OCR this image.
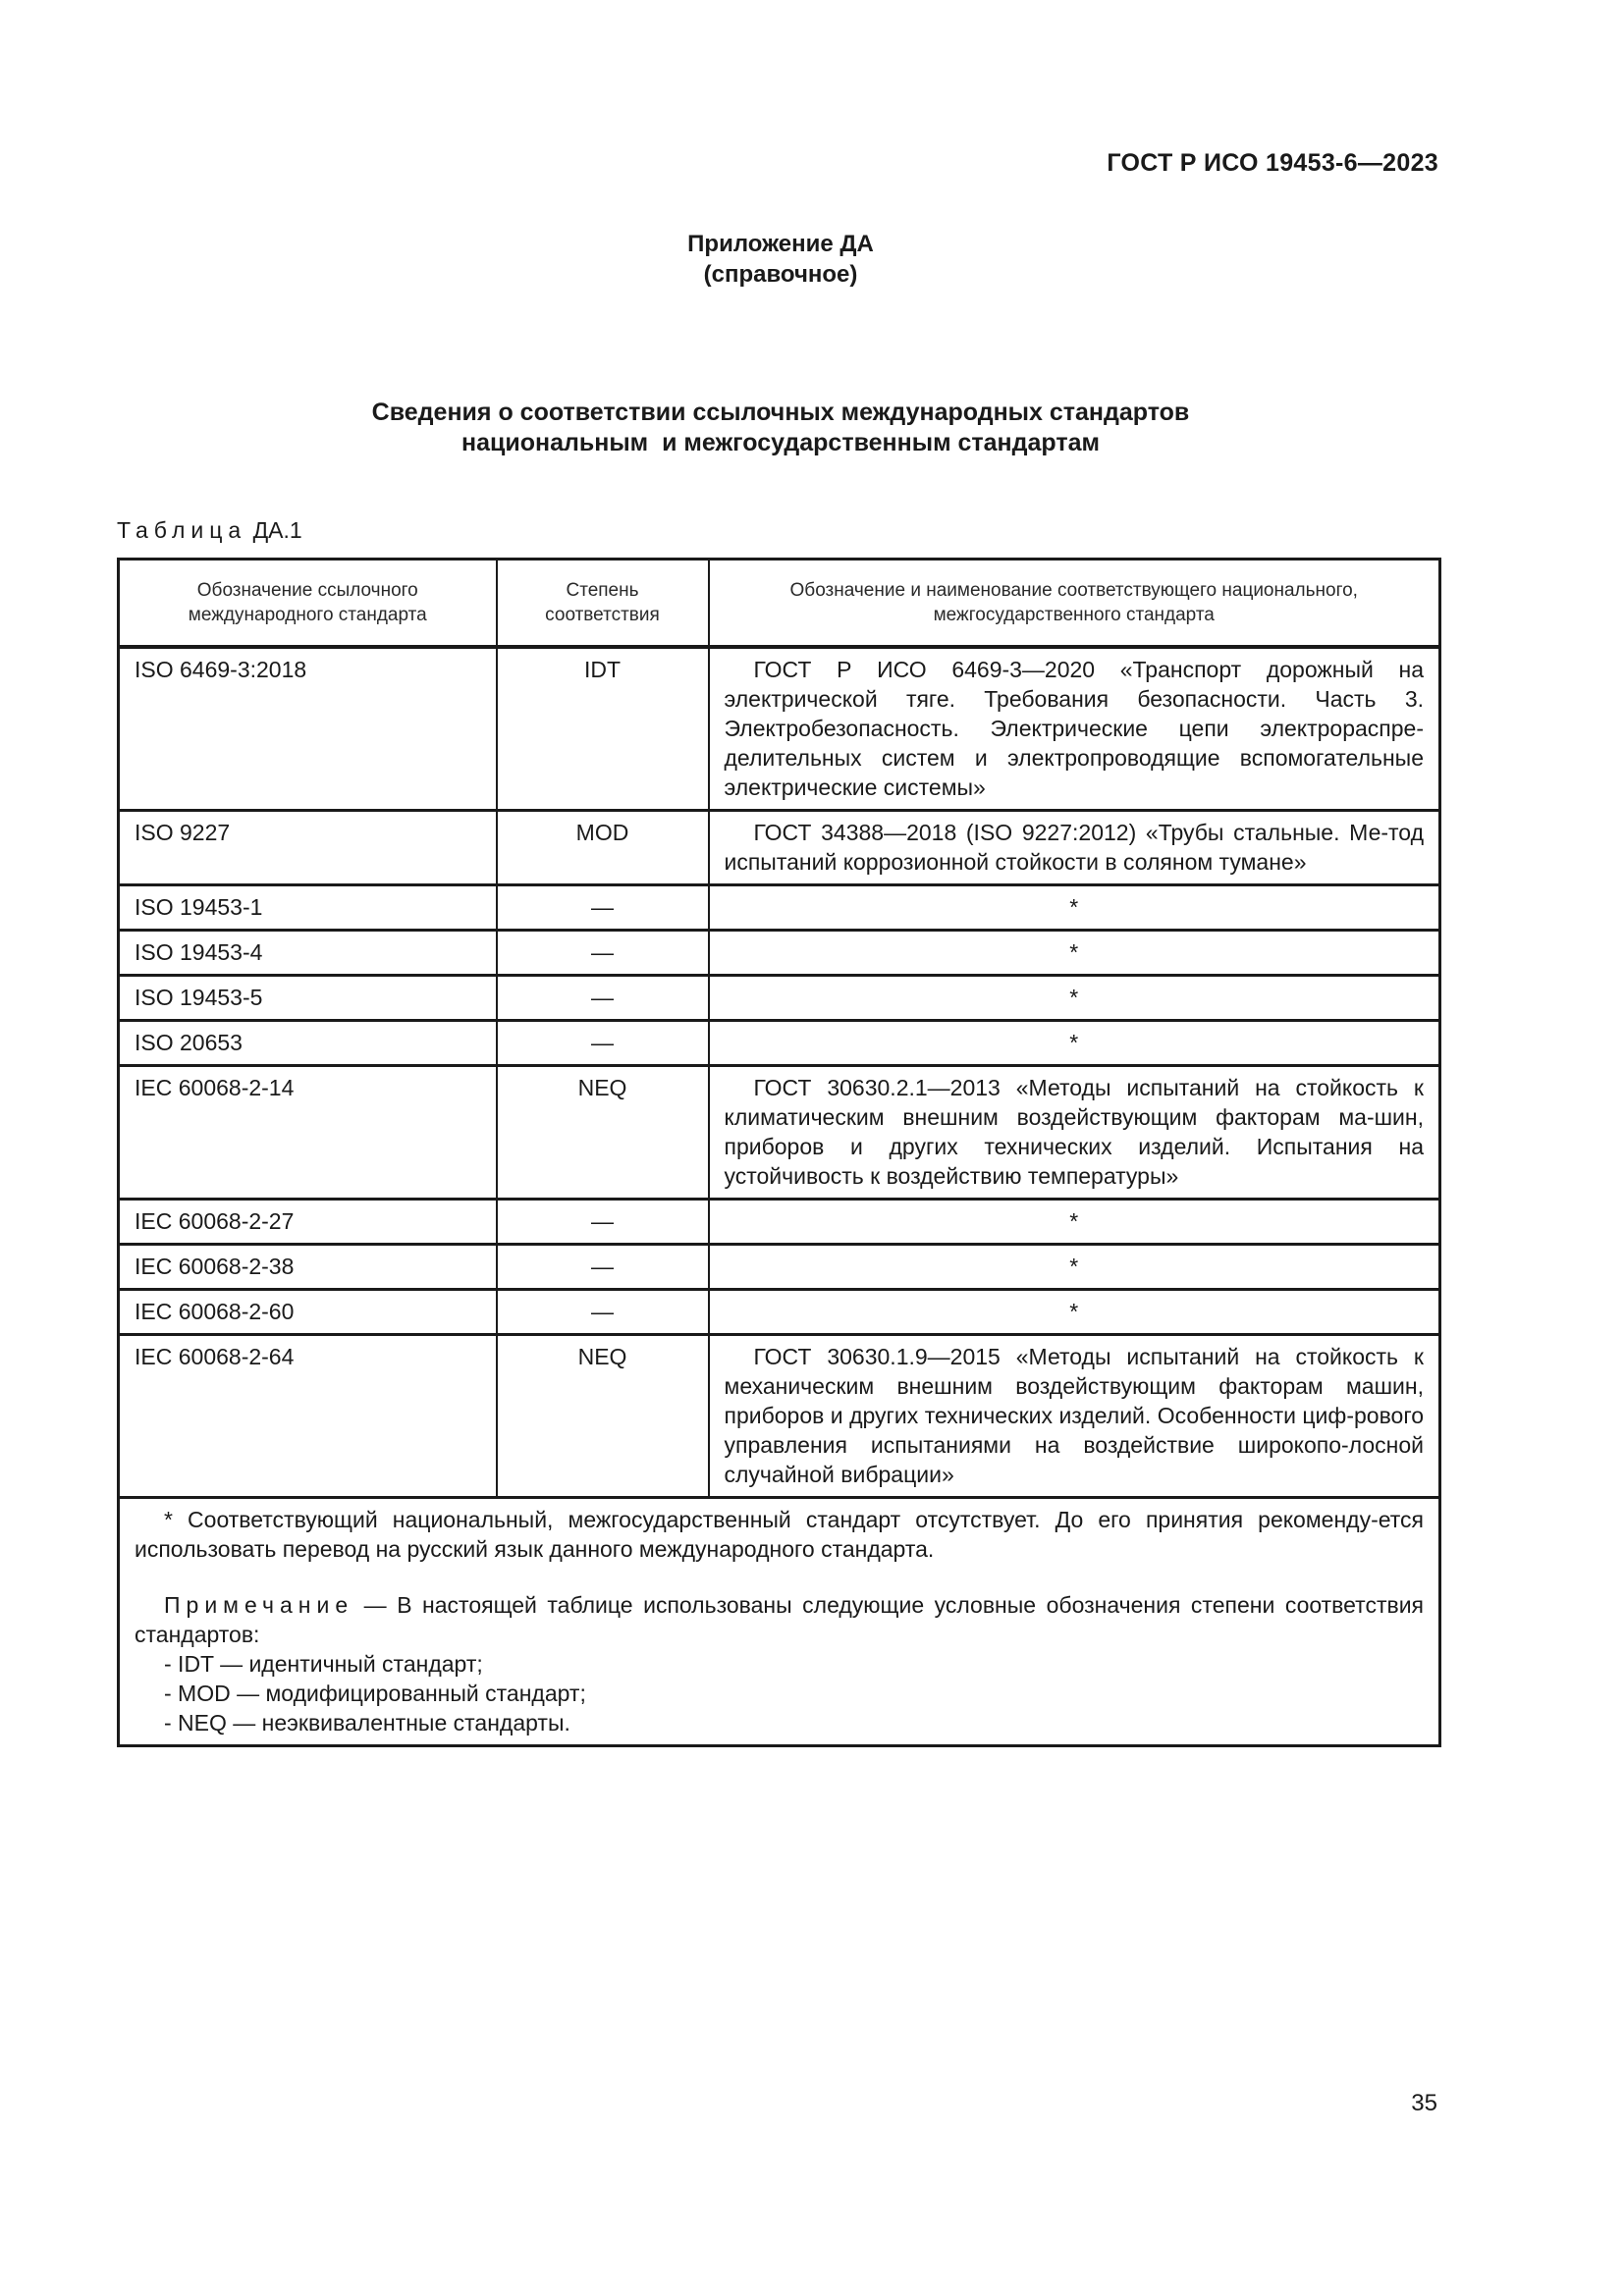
ГОСТ Р ИСО 19453-6—2023
Приложение ДА
(справочное)
Сведения о соответствии ссылочных международных стандартов
национальным  и межгосударственным стандартам
Таблица ДА.1
Обозначение ссылочного международного стандарта	Степень соответствия	Обозначение и наименование соответствующего национального, межгосударственного стандарта
ISO 6469-3:2018	IDT	ГОСТ Р ИСО 6469-3—2020 «Транспорт дорожный на электрической тяге. Требования безопасности. Часть 3. Электробезопасность. Электрические цепи электрораспре-делительных систем и электропроводящие вспомогательные электрические системы»

ISO 9227	MOD	ГОСТ 34388—2018 (ISO 9227:2012) «Трубы стальные. Ме-тод испытаний коррозионной стойкости в соляном тумане»

ISO 19453-1	—	*
ISO 19453-4	—	*
ISO 19453-5	—	*
ISO 20653	—	*
IEC 60068-2-14	NEQ	ГОСТ 30630.2.1—2013 «Методы испытаний на стойкость к климатическим внешним воздействующим факторам ма-шин, приборов и других технических изделий. Испытания на устойчивость к воздействию температуры»

IEC 60068-2-27	—	*
IEC 60068-2-38	—	*
IEC 60068-2-60	—	*
IEC 60068-2-64	NEQ	ГОСТ 30630.1.9—2015 «Методы испытаний на стойкость к механическим внешним воздействующим факторам машин, приборов и других технических изделий. Особенности циф-рового управления испытаниями на воздействие широкопо-лосной случайной вибрации»

* Соответствующий национальный, межгосударственный стандарт отсутствует. До его принятия рекоменду-ется использовать перевод на русский язык данного международного стандарта.

Примечание — В настоящей таблице использованы следующие условные обозначения степени соответствия стандартов:

- IDT — идентичный стандарт;

- MOD — модифицированный стандарт;

- NEQ — неэквивалентные стандарты.		

35
